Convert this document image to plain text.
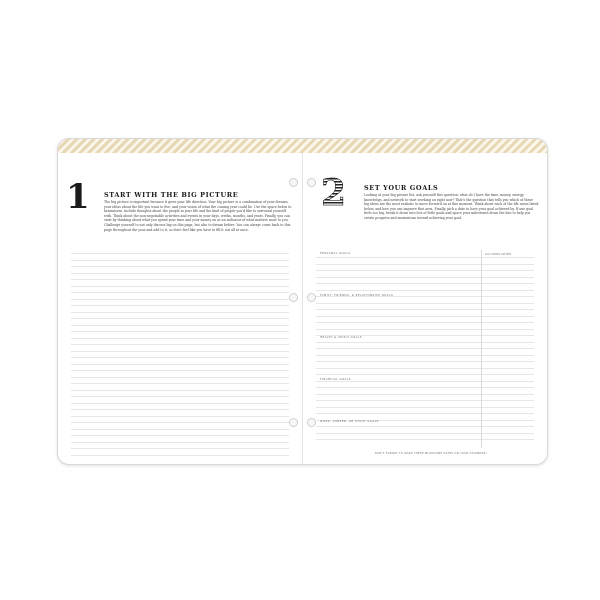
1 START WITH THE BIG PICTURE
The big picture is important because it gives your life direction. Your big picture is a combination of your dreams, your ideas about the life you want to live, and your vision of what the coming year could be. Use the space below to brainstorm. Include thoughts about the people in your life and the kind of people you'd like to surround yourself with. Think about the non-negotiable activities and events in your days, weeks, months, and years. Finally, you can start by thinking about what you spend your time and your money on as an indicator of what matters most to you. Challenge yourself to not only discuss big on this page, but also to dream before. You can always come back to this page throughout the year and add to it, so don't feel like you have to fill it out all at once.
2	SET YOUR GOALS
Looking at your big picture list, ask yourself this question: what do I have the time, money, energy, knowledge, and network to start working on right now? That's the question that tells you which of these big ideas are the most realistic to move forward on at this moment. Think about each of the life areas listed below, and how you can improve that area. Finally, pick a date to have your goal achieved by. If one goal feels too big, break it down into lots of little goals and space your milestones down the line to help you create progress and momentum toward achieving your goal.
PERSONAL GOALS
FAMILY, FRIENDS, & RELATIONSHIP GOALS
HEALTH & SPIRIT GOALS
FINANCIAL GOALS
WORK, CAREER, OR STUDY GOALS
ACCOMPLISHED
DON'T FORGET TO MARK THESE MILESTONE DATES ON YOUR CALENDAR!
